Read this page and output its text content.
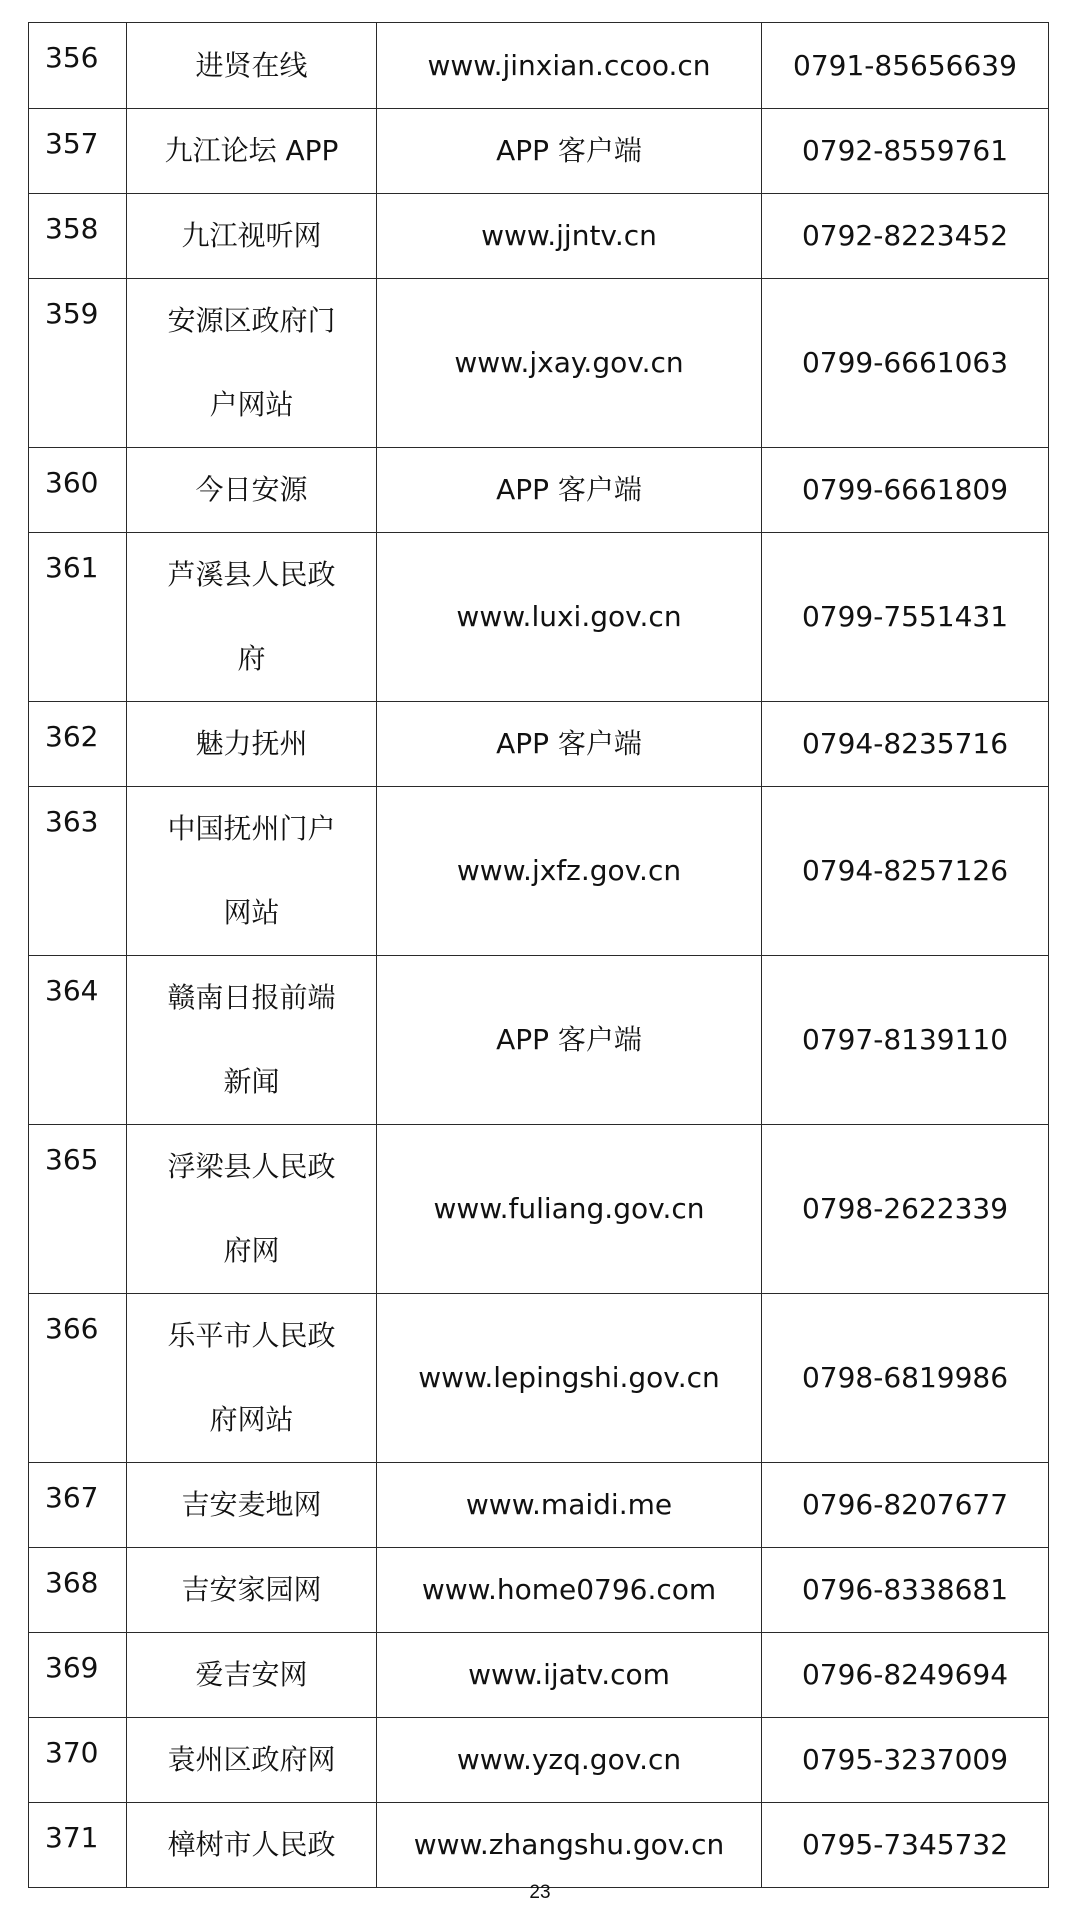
356	进贤在线	www.jinxian.ccoo.cn	0791-85656639
357	九江论坛 APP	APP 客户端	0792-8559761
358	九江视听网	www.jjntv.cn	0792-8223452
359	安源区政府门户网站	www.jxay.gov.cn	0799-6661063
360	今日安源	APP 客户端	0799-6661809
361	芦溪县人民政府	www.luxi.gov.cn	0799-7551431
362	魅力抚州	APP 客户端	0794-8235716
363	中国抚州门户网站	www.jxfz.gov.cn	0794-8257126
364	赣南日报前端新闻	APP 客户端	0797-8139110
365	浮梁县人民政府网	www.fuliang.gov.cn	0798-2622339
366	乐平市人民政府网站	www.lepingshi.gov.cn	0798-6819986
367	吉安麦地网	www.maidi.me	0796-8207677
368	吉安家园网	www.home0796.com	0796-8338681
369	爱吉安网	www.ijatv.com	0796-8249694
370	袁州区政府网	www.yzq.gov.cn	0795-3237009
371	樟树市人民政	www.zhangshu.gov.cn	0795-7345732
23
